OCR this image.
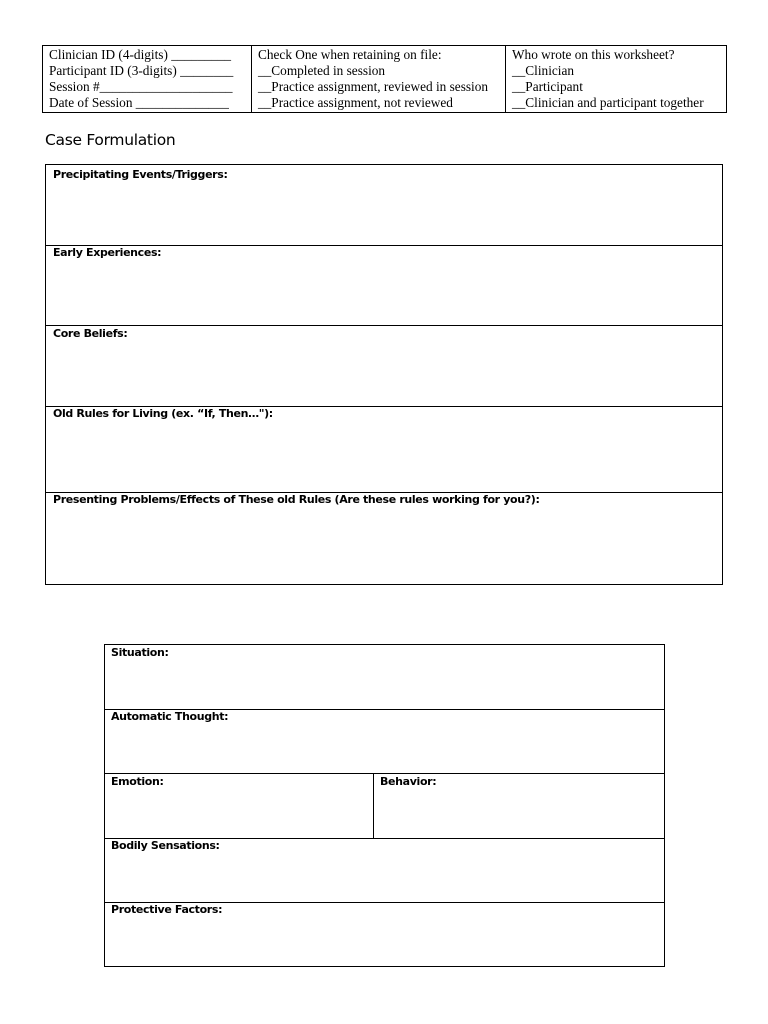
Clinician ID (4-digits) _________
Participant ID (3-digits) ________
Session #____________________
Date of Session ______________

Check One when retaining on file:
__Completed in session
__Practice assignment, reviewed in session
__Practice assignment, not reviewed

Who wrote on this worksheet?
__Clinician
__Participant
__Clinician and participant together
Case Formulation
Precipitating Events/Triggers:
Early Experiences:
Core Beliefs:
Old Rules for Living (ex. “If, Then…"):
Presenting Problems/Effects of These old Rules (Are these rules working for you?):
Situation:
Automatic Thought:
Emotion:	Behavior:
Bodily Sensations:
Protective Factors:
